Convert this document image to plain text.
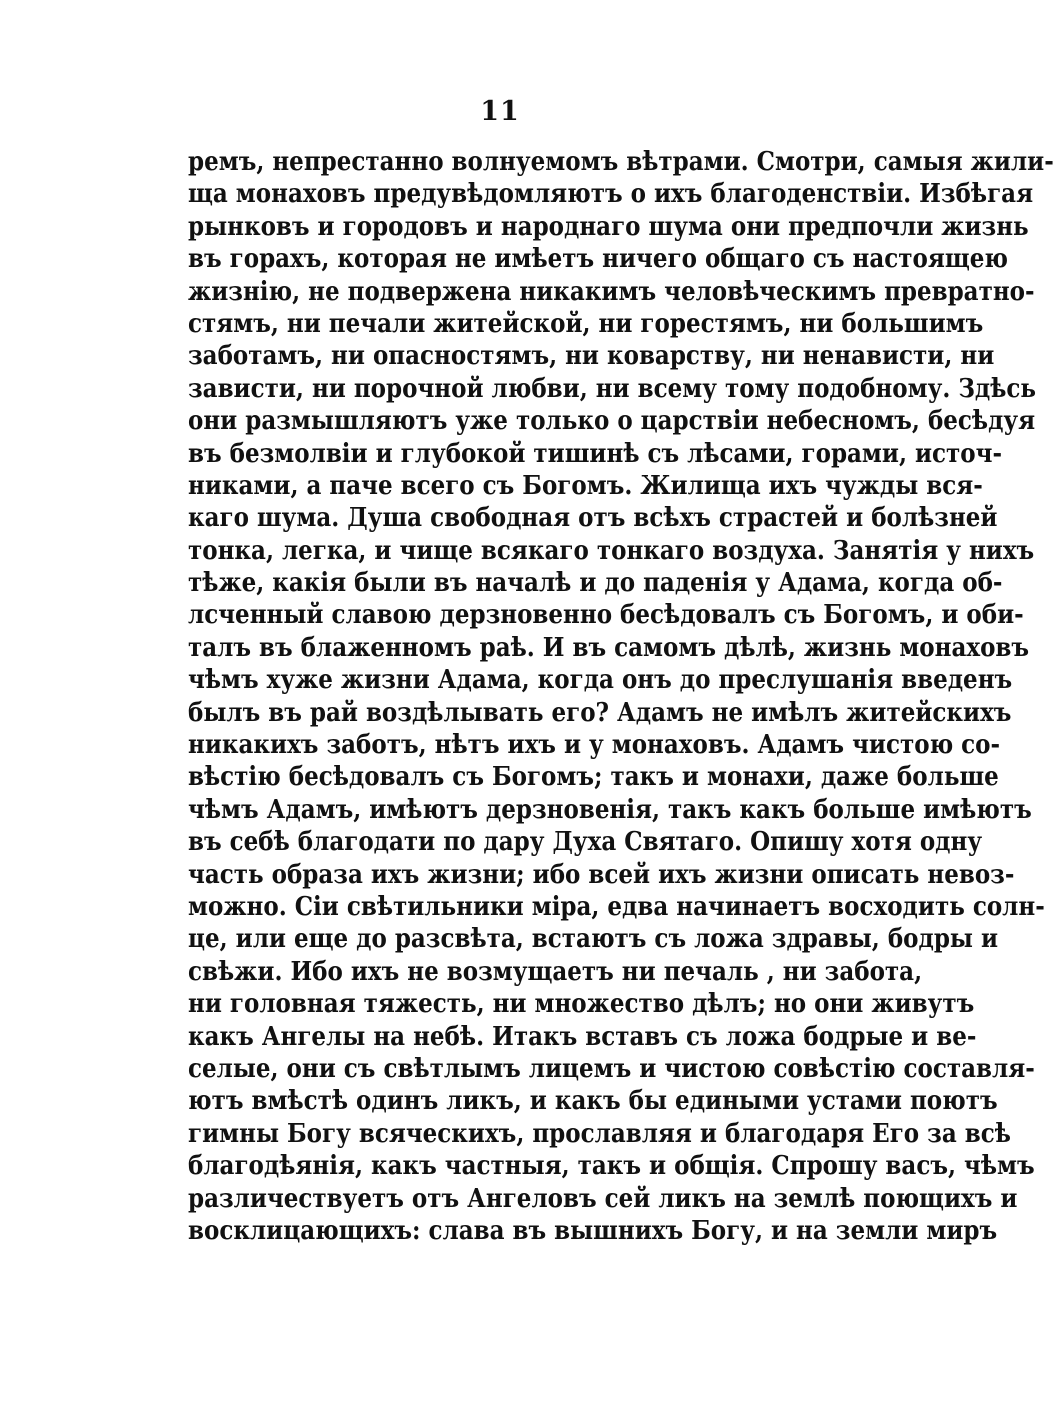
11
ремъ, непрестанно волнуемомъ вѣтрами. Смотри, самыя жили-
ща монаховъ предувѣдомляютъ о ихъ благоденствіи. Избѣгая
рынковъ и городовъ и народнаго шума они предпочли жизнь
въ горахъ, которая не имѣетъ ничего общаго съ настоящею
жизнію, не подвержена никакимъ человѣческимъ превратно-
стямъ, ни печали житейской, ни горестямъ, ни большимъ
заботамъ, ни опасностямъ, ни коварству, ни ненависти, ни
зависти, ни порочной любви, ни всему тому подобному. Здѣсь
они размышляютъ уже только о царствіи небесномъ, бесѣдуя
въ безмолвіи и глубокой тишинѣ съ лѣсами, горами, источ-
никами, а паче всего съ Богомъ. Жилища ихъ чужды вся-
каго шума. Душа свободная отъ всѣхъ страстей и болѣзней
тонка, легка, и чище всякаго тонкаго воздуха. Занятія у нихъ
тѣже, какія были въ началѣ и до паденія у Адама, когда об-
лсченный славою дерзновенно бесѣдовалъ съ Богомъ, и оби-
талъ въ блаженномъ раѣ. И въ самомъ дѣлѣ, жизнь монаховъ
чѣмъ хуже жизни Адама, когда онъ до преслушанія введенъ
былъ въ рай воздѣлывать его? Адамъ не имѣлъ житейскихъ
никакихъ заботъ, нѣтъ ихъ и у монаховъ. Адамъ чистою со-
вѣстію бесѣдовалъ съ Богомъ; такъ и монахи, даже больше
чѣмъ Адамъ, имѣютъ дерзновенія, такъ какъ больше имѣютъ
въ себѣ благодати по дару Духа Святаго. Опишу хотя одну
часть образа ихъ жизни; ибо всей ихъ жизни описать невоз-
можно. Сіи свѣтильники міра, едва начинаетъ восходить солн-
це, или еще до разсвѣта, встаютъ съ ложа здравы, бодры и
свѣжи. Ибо ихъ не возмущаетъ ни печаль , ни забота,
ни головная тяжесть, ни множество дѣлъ; но они живутъ
какъ Ангелы на небѣ. Итакъ вставъ съ ложа бодрые и ве-
селые, они съ свѣтлымъ лицемъ и чистою совѣстію составля-
ютъ вмѣстѣ одинъ ликъ, и какъ бы едиными устами поютъ
гимны Богу всяческихъ, прославляя и благодаря Его за всѣ
благодѣянія, какъ частныя, такъ и общія. Спрошу васъ, чѣмъ
различествуетъ отъ Ангеловъ сей ликъ на землѣ поющихъ и
восклицающихъ: слава въ вышнихъ Богу, и на земли миръ
